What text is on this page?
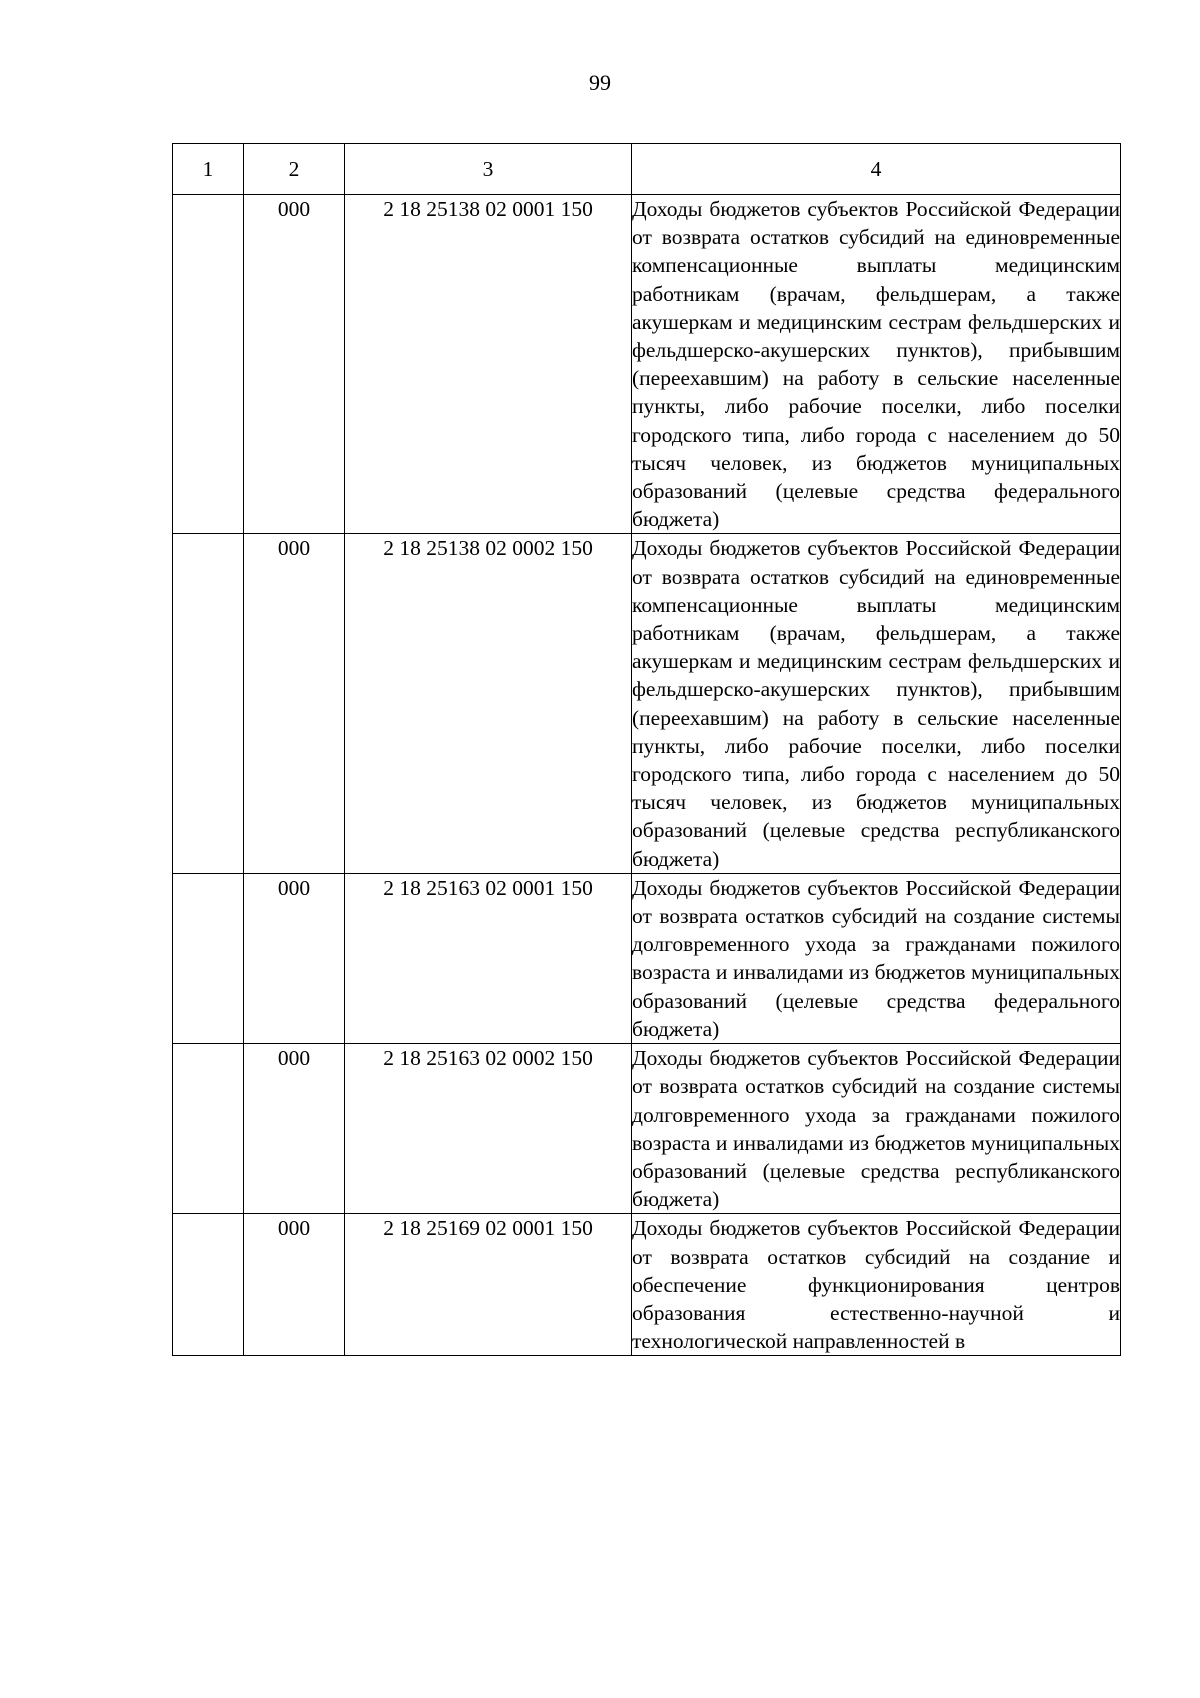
99
1	2	3	4
	000	2 18 25138 02 0001 150	Доходы бюджетов субъектов Российской Федерации от возврата остатков субсидий на единовременные компенсационные выплаты медицинским работникам (врачам, фельдшерам, а также акушеркам и медицинским сестрам фельдшерских и фельдшерско-акушерских пунктов), прибывшим (переехавшим) на работу в сельские населенные пункты, либо рабочие поселки, либо поселки городского типа, либо города с населением до 50 тысяч человек, из бюджетов муниципальных образований (целевые средства федерального бюджета)
	000	2 18 25138 02 0002 150	Доходы бюджетов субъектов Российской Федерации от возврата остатков субсидий на единовременные компенсационные выплаты медицинским работникам (врачам, фельдшерам, а также акушеркам и медицинским сестрам фельдшерских и фельдшерско-акушерских пунктов), прибывшим (переехавшим) на работу в сельские населенные пункты, либо рабочие поселки, либо поселки городского типа, либо города с населением до 50 тысяч человек, из бюджетов муниципальных образований (целевые средства республиканского бюджета)
	000	2 18 25163 02 0001 150	Доходы бюджетов субъектов Российской Федерации от возврата остатков субсидий на создание системы долговременного ухода за гражданами пожилого возраста и инвалидами из бюджетов муниципальных образований (целевые средства федерального бюджета)
	000	2 18 25163 02 0002 150	Доходы бюджетов субъектов Российской Федерации от возврата остатков субсидий на создание системы долговременного ухода за гражданами пожилого возраста и инвалидами из бюджетов муниципальных образований (целевые средства республиканского бюджета)
	000	2 18 25169 02 0001 150	Доходы бюджетов субъектов Российской Федерации от возврата остатков субсидий на создание и обеспечение функционирования центров образования естественно-научной и технологической направленностей в
